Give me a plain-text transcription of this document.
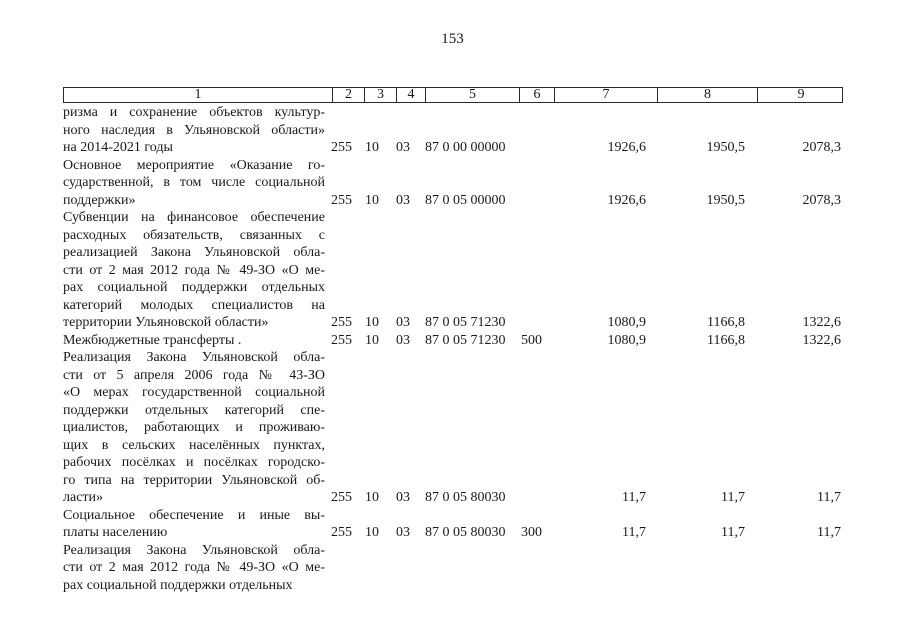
153
1	2	3	4	5	6	7	8	9
ризма и сохранение объектов культур-
ного наследия в Ульяновской области»
на 2014-2021 годы	255 10 03 87 0 00 00000	1926,6	1950,5	2078,3
Основное мероприятие «Оказание го-
сударственной, в том числе социальной
поддержки»	255 10 03 87 0 05 00000	1926,6	1950,5	2078,3
Субвенции на финансовое обеспечение
расходных обязательств, связанных с
реализацией Закона Ульяновской обла-
сти от 2 мая 2012 года № 49-ЗО «О ме-
рах социальной поддержки отдельных
категорий молодых специалистов на
территории Ульяновской области»	255 10 03 87 0 05 71230	1080,9	1166,8	1322,6
Межбюджетные трансферты .	255 10 03 87 0 05 71230 500	1080,9	1166,8	1322,6
Реализация Закона Ульяновской обла-
сти от 5 апреля 2006 года № 43-ЗО
«О мерах государственной социальной
поддержки отдельных категорий спе-
циалистов, работающих и проживаю-
щих в сельских населённых пунктах,
рабочих посёлках и посёлках городско-
го типа на территории Ульяновской об-
ласти»	255 10 03 87 0 05 80030	11,7	11,7	11,7
Социальное обеспечение и иные вы-
платы населению	255 10 03 87 0 05 80030 300	11,7	11,7	11,7
Реализация Закона Ульяновской обла-
сти от 2 мая 2012 года № 49-ЗО «О ме-
рах социальной поддержки отдельных
